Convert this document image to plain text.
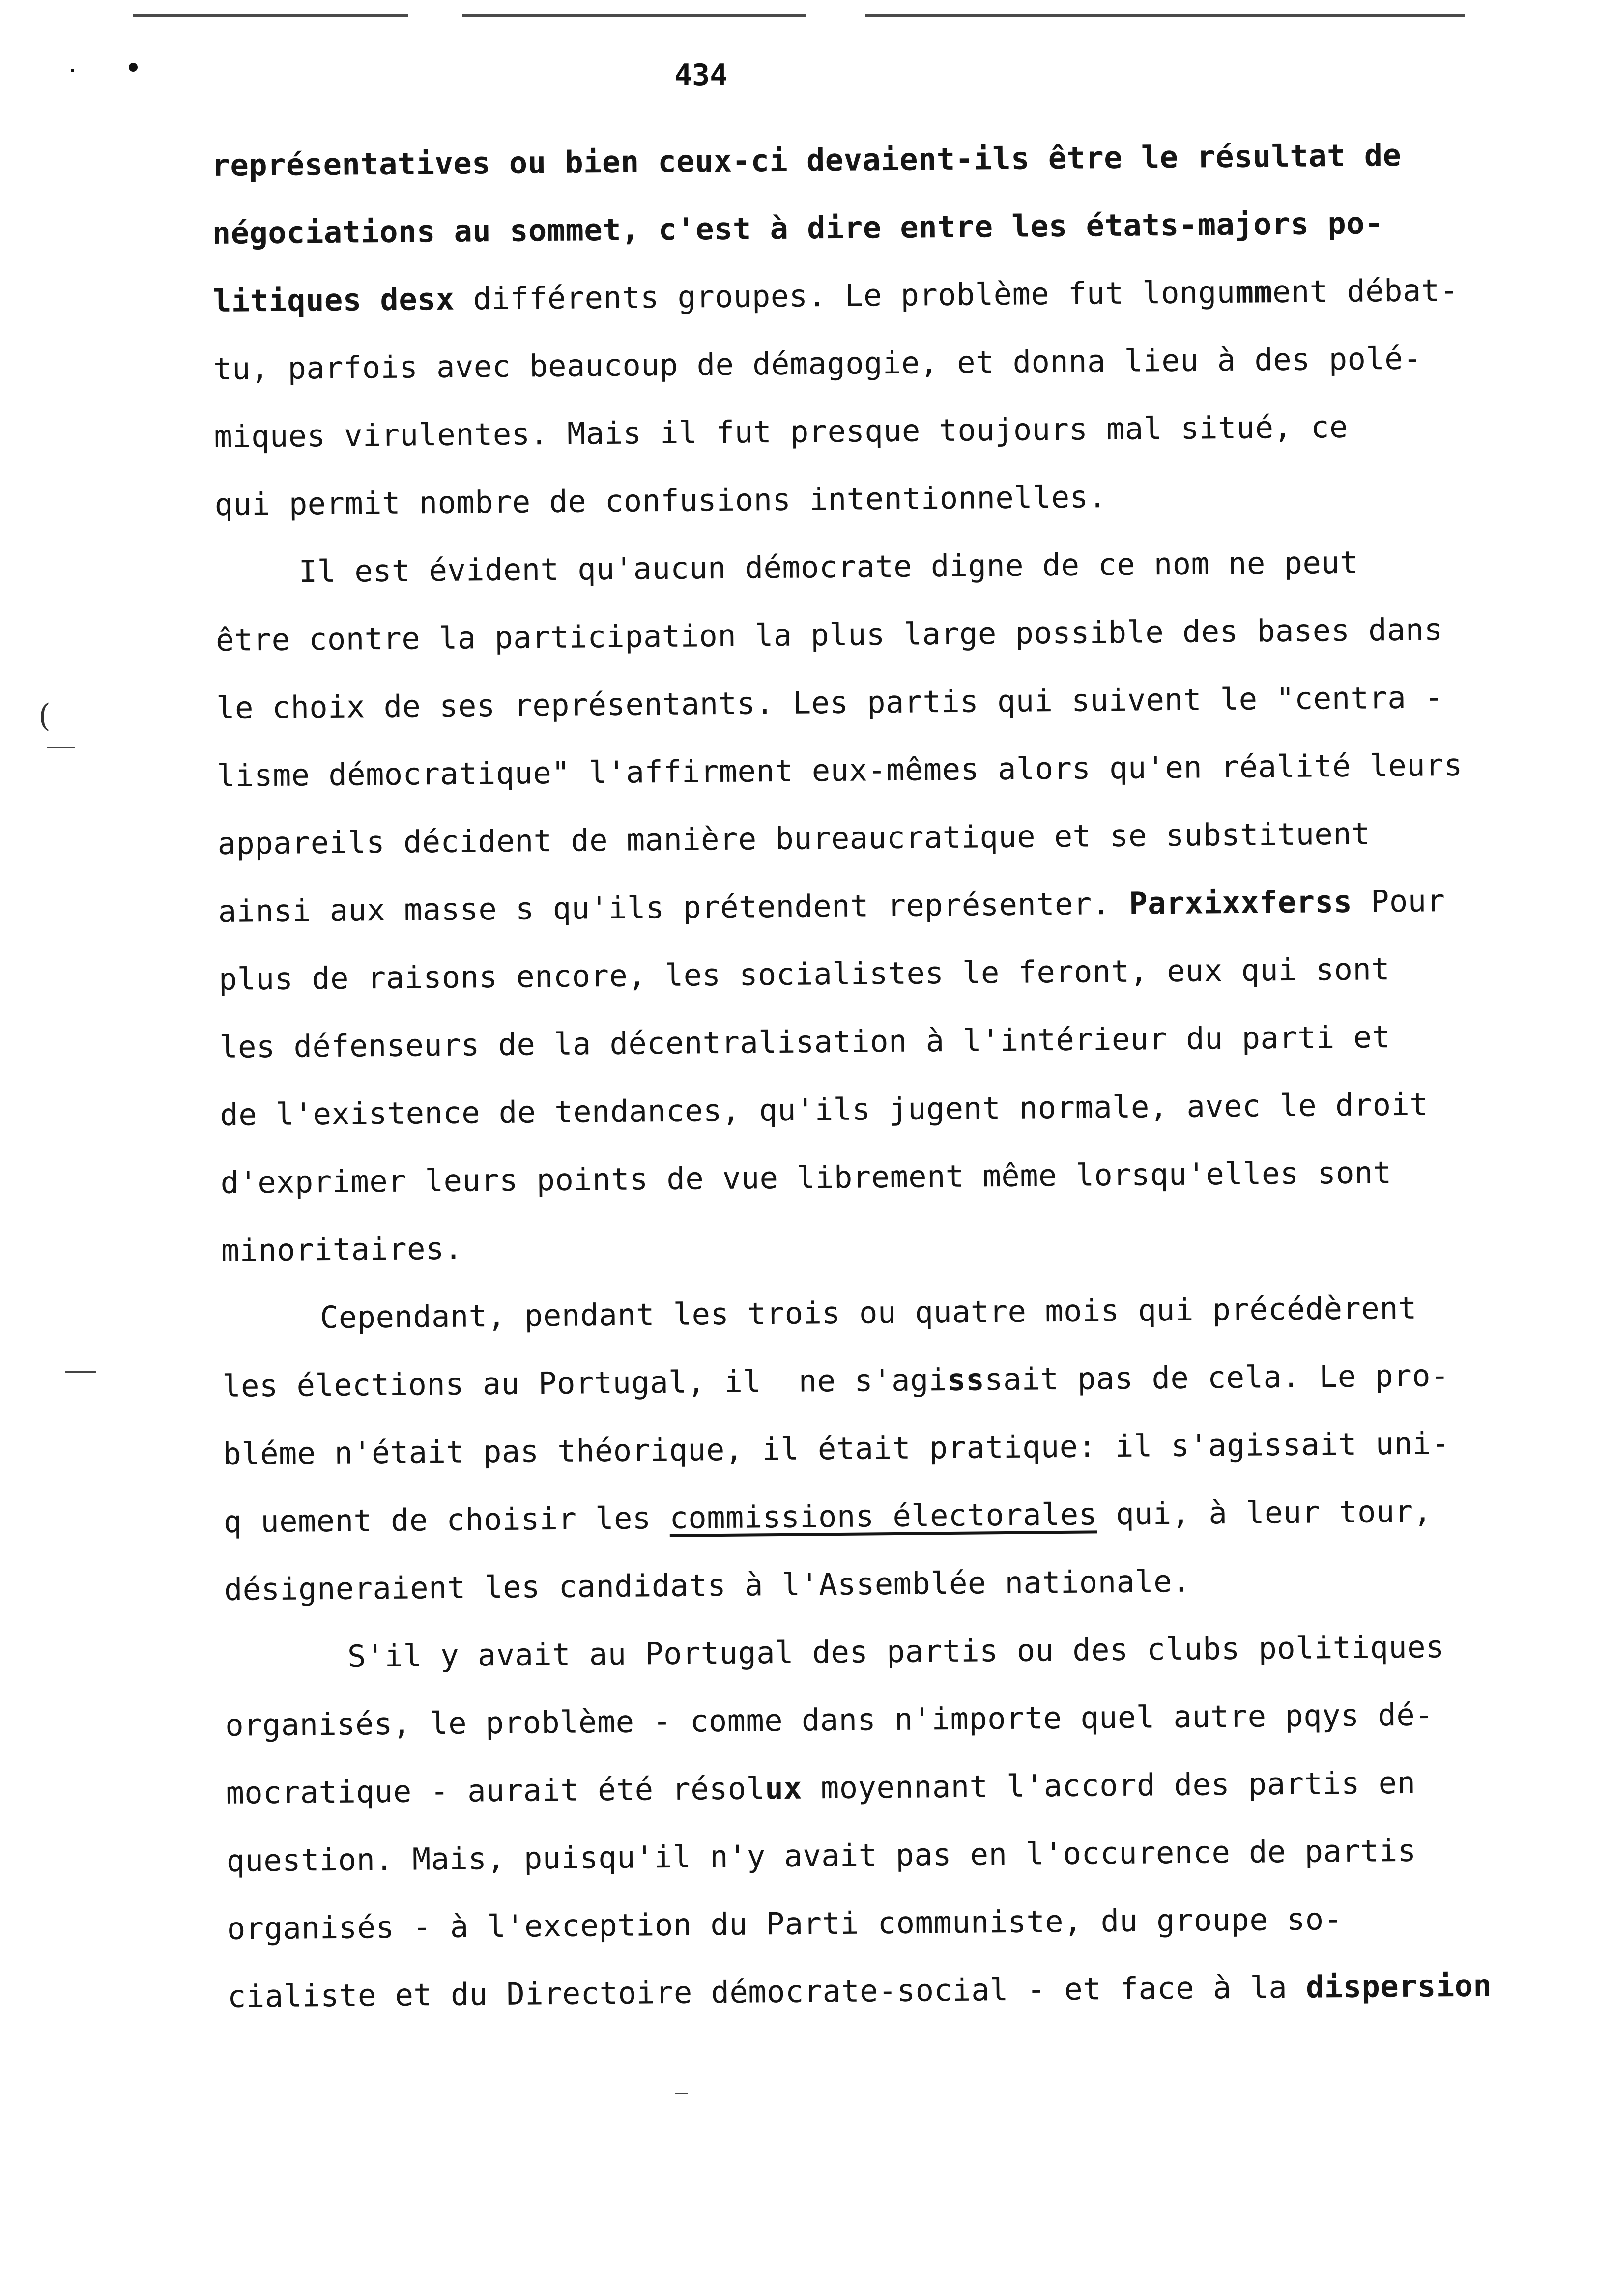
(
434
représentatives ou bien ceux-ci devaient-ils être le résultat de
négociations au sommet, c'est à dire entre les états-majors po-
litiques desx différents groupes. Le problème fut longumment débat-
tu, parfois avec beaucoup de démagogie, et donna lieu à des polé-
miques virulentes. Mais il fut presque toujours mal situé, ce
qui permit nombre de confusions intentionnelles.
Il est évident qu'aucun démocrate digne de ce nom ne peut
être contre la participation la plus large possible des bases dans
le choix de ses représentants. Les partis qui suivent le "centra -
lisme démocratique" l'affirment eux-mêmes alors qu'en réalité leurs
appareils décident de manière bureaucratique et se substituent
ainsi aux masse s qu'ils prétendent représenter. Parxixxferss Pour
plus de raisons encore, les socialistes le feront, eux qui sont
les défenseurs de la décentralisation à l'intérieur du parti et
de l'existence de tendances, qu'ils jugent normale, avec le droit
d'exprimer leurs points de vue librement même lorsqu'elles sont
minoritaires.
Cependant, pendant les trois ou quatre mois qui précédèrent
les élections au Portugal, il  ne s'agisssait pas de cela. Le pro-
bléme n'était pas théorique, il était pratique: il s'agissait uni-
q uement de choisir les commissions électorales qui, à leur tour,
désigneraient les candidats à l'Assemblée nationale.
S'il y avait au Portugal des partis ou des clubs politiques
organisés, le problème - comme dans n'importe quel autre pqys dé-
mocratique - aurait été résolux moyennant l'accord des partis en
question. Mais, puisqu'il n'y avait pas en l'occurence de partis
organisés - à l'exception du Parti communiste, du groupe so-
cialiste et du Directoire démocrate-social - et face à la dispersion
